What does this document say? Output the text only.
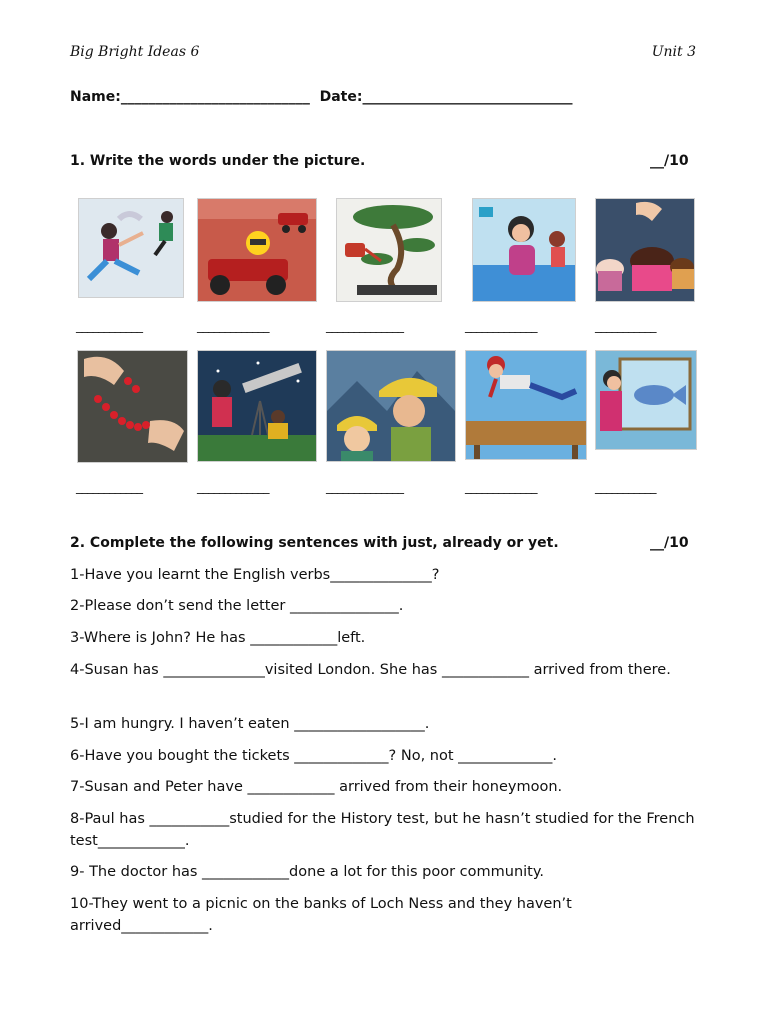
Big Bright Ideas 6	Unit 3
Name:___________________________  Date:______________________________
1. Write the words under the picture.	__/10
____________	_____________	______________	_____________	___________
____________	_____________	______________	_____________	___________
2. Complete the following sentences with just, already or yet.	__/10
1-Have you learnt the English verbs______________?
2-Please don’t send the letter _______________.
3-Where is John? He has ____________left.
4-Susan has ______________visited London. She has ____________ arrived from there.
5-I am hungry. I haven’t eaten __________________.
6-Have you bought the tickets _____________? No, not _____________.
7-Susan and Peter have ____________ arrived from their honeymoon.
8-Paul has ___________studied for the History test, but he hasn’t studied for the French test____________.
9- The doctor has ____________done a lot for this poor community.
10-They went to a picnic on the banks of Loch Ness and they haven’t arrived____________.
